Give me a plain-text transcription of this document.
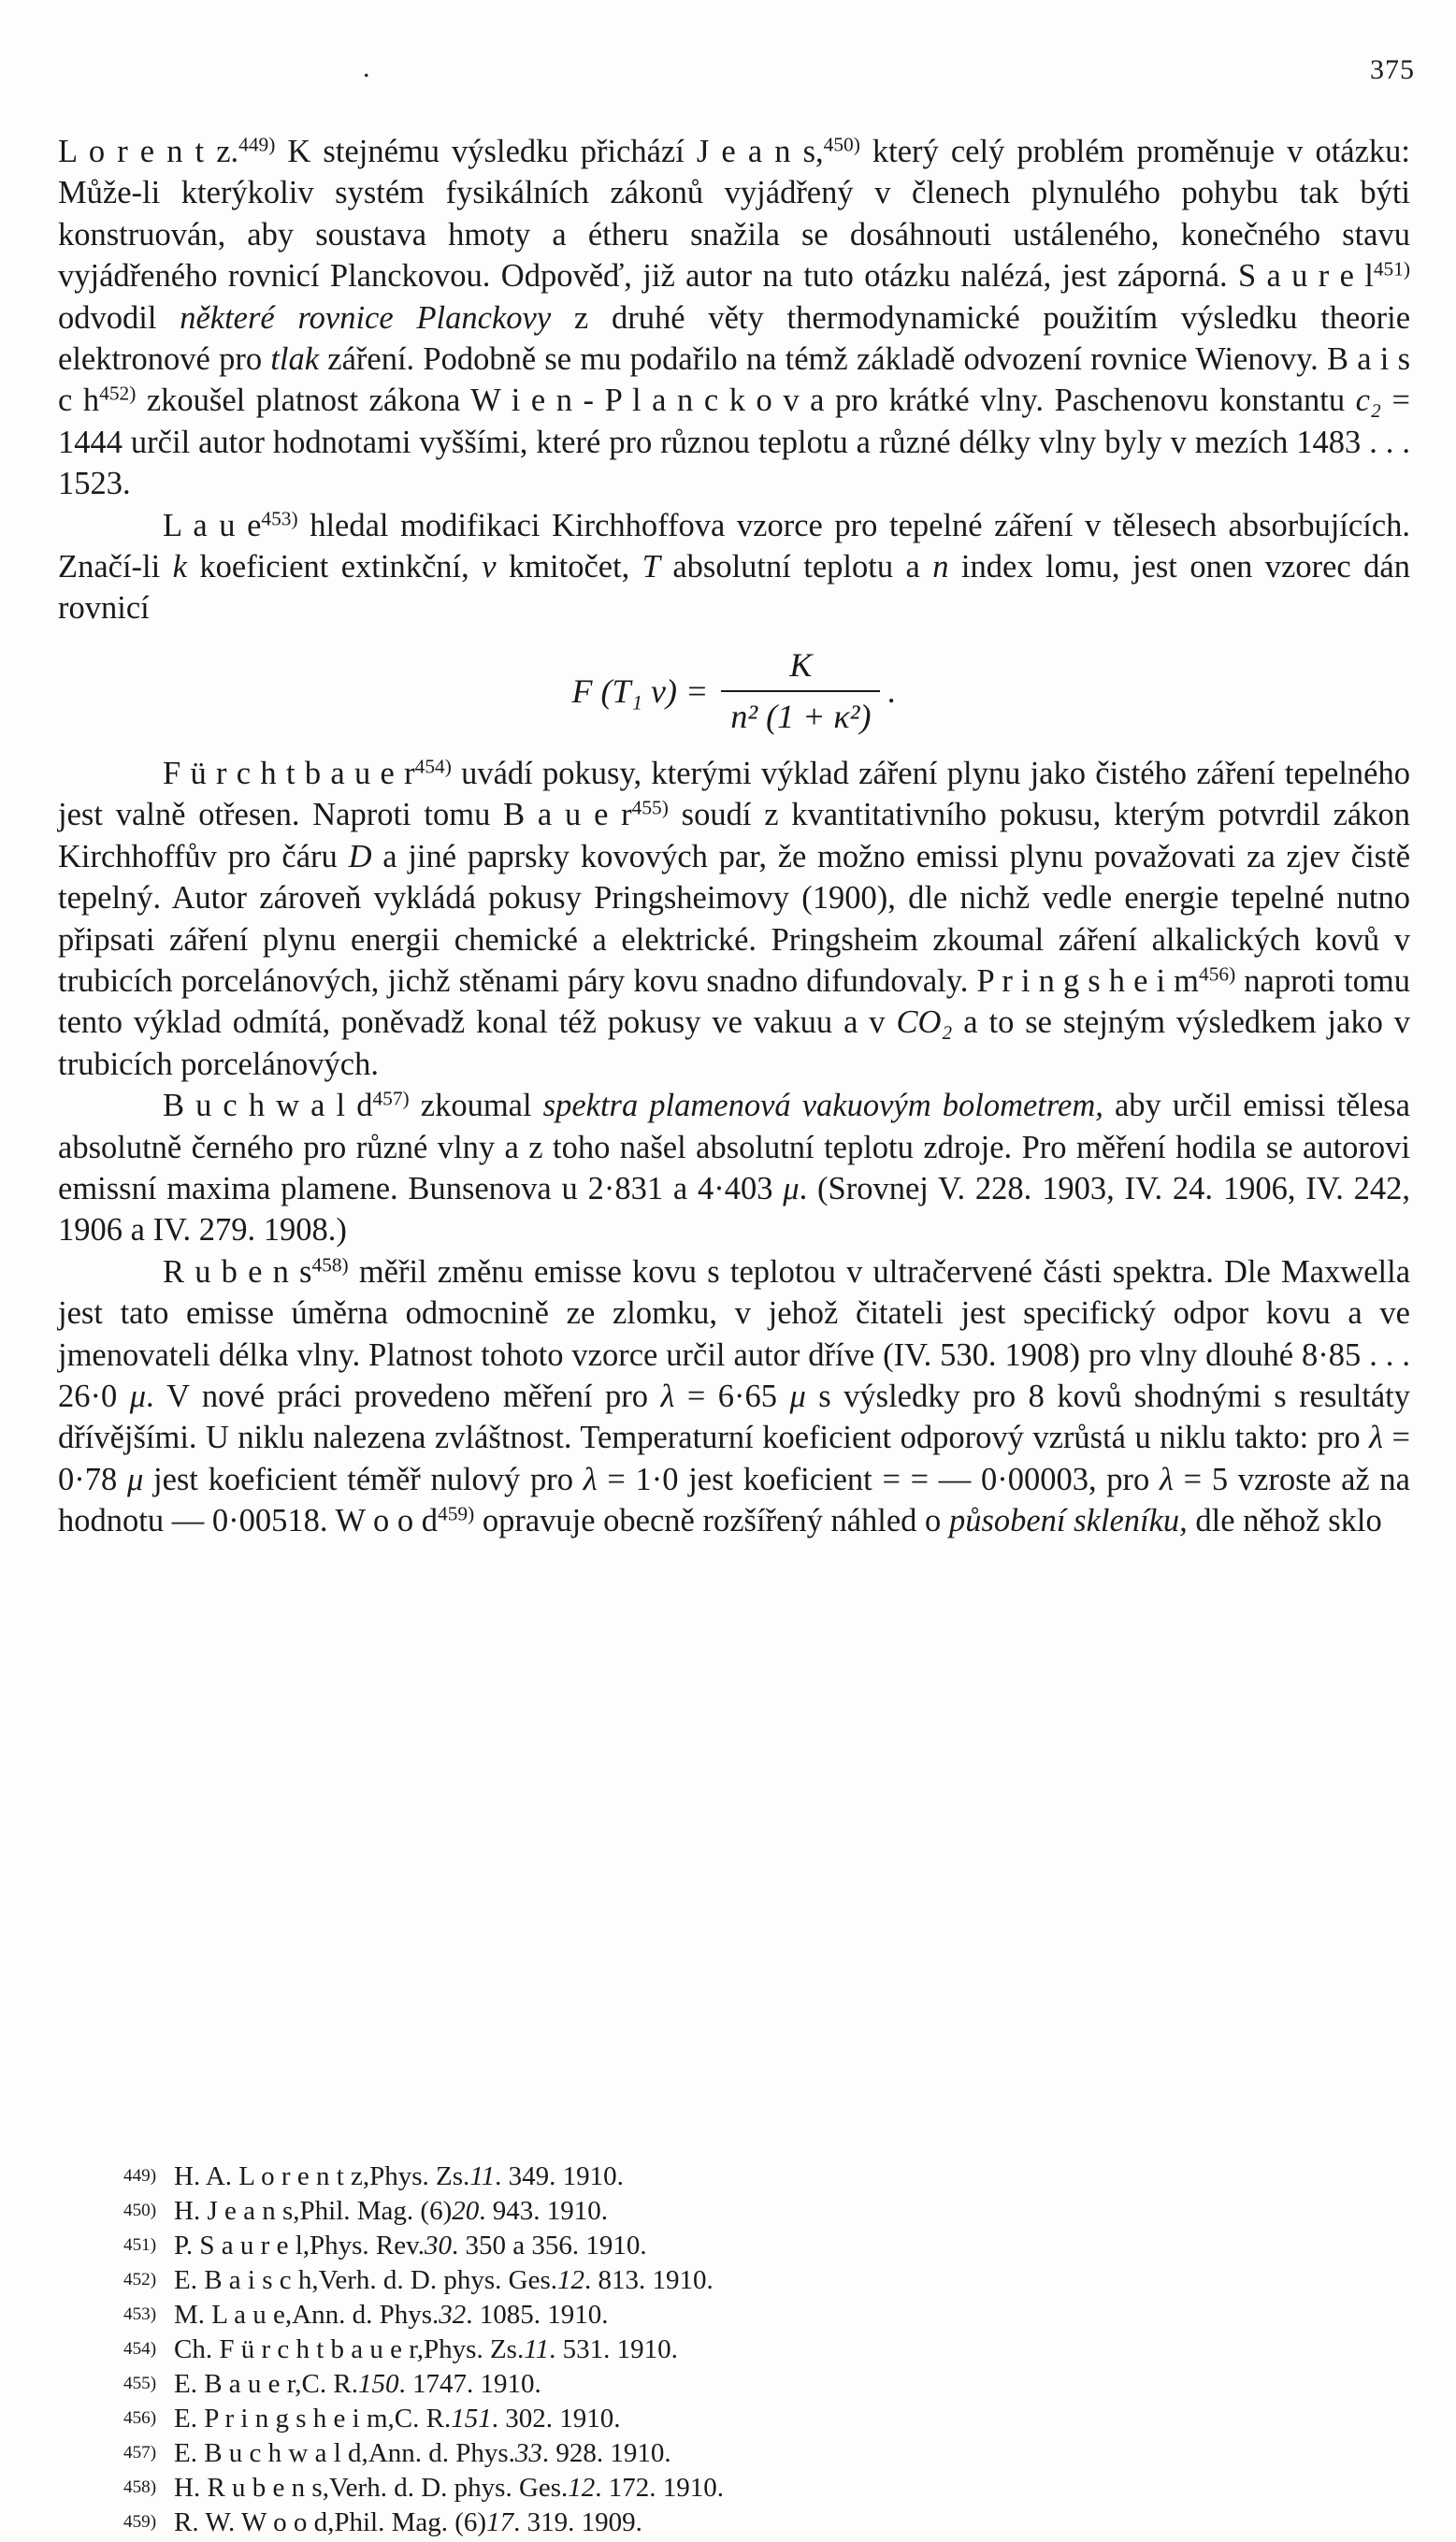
.	375

L o r e n t z.$^{449)}$ K stejnému výsledku přichází J e a n s,$^{450)}$ který celý problém proměnuje v otázku: Může-li kterýkoliv systém fysikálních zákonů vyjádřený v členech plynulého pohybu tak býti konstruován, aby soustava hmoty a étheru snažila se dosáhnouti ustáleného, konečného stavu vyjádřeného rovnicí Planckovou. Odpověď, již autor na tuto otázku nalézá, jest záporná. S a u r e l$^{451)}$ odvodil některé rovnice Planckovy z druhé věty thermodynamické použitím výsledku theorie elektronové pro tlak záření. Podobně se mu podařilo na témž základě odvození rovnice Wienovy. B a i s c h$^{452)}$ zkoušel platnost zákona W i e n - P l a n c k o v a pro krátké vlny. Paschenovu konstantu c₂ = 1444 určil autor hodnotami vyššími, které pro různou teplotu a různé délky vlny byly v mezích 1483 . . . 1523.

L a u e$^{453)}$ hledal modifikaci Kirchhoffova vzorce pro tepelné záření v tělesech absorbujících. Značí-li k koeficient extinkční, ν kmitočet, T absolutní teplotu a n index lomu, jest onen vzorec dán rovnicí

F (T₁ $\nu) = \frac{K}{\text{n² (1 + κ²)}}$ .

F ü r c h t b a u e r$^{454)}$ uvádí pokusy, kterými výklad záření plynu jako čistého záření tepelného jest valně otřesen. Naproti tomu B a u e r$^{455)}$ soudí z kvantitativního pokusu, kterým potvrdil zákon Kirchhoffův pro čáru D a jiné paprsky kovových par, že možno emissi plynu považovati za zjev čistě tepelný. Autor zároveň vykládá pokusy Pringsheimovy (1900), dle nichž vedle energie tepelné nutno připsati záření plynu energii chemické a elektrické. Pringsheim zkoumal záření alkalických kovů v trubicích porcelánových, jichž stěnami páry kovu snadno difundovaly. P r i n g s h e i m$^{456)}$ naproti tomu tento výklad odmítá, poněvadž konal též pokusy ve vakuu a v CO₂ a to se stejným výsledkem jako v trubicích porcelánových.

B u c h w a l d$^{457)}$ zkoumal spektra plamenová vakuovým bolometrem, aby určil emissi tělesa absolutně černého pro různé vlny a z toho našel absolutní teplotu zdroje. Pro měření hodila se autorovi emissní maxima plamene. Bunsenova u 2·831 a 4·403 μ. (Srovnej V. 228. 1903, IV. 24. 1906, IV. 242, 1906 a IV. 279. 1908.)

R u b e n s$^{458)}$ měřil změnu emisse kovu s teplotou v ultračervené části spektra. Dle Maxwella jest tato emisse úměrna odmocnině ze zlomku, v jehož čitateli jest specifický odpor kovu a ve jmenovateli délka vlny. Platnost tohoto vzorce určil autor dříve (IV. 530. 1908) pro vlny dlouhé 8·85 . . . 26·0 μ. V nové práci provedeno měření pro λ = 6·65 μ s výsledky pro 8 kovů shodnými s resultáty dřívějšími. U niklu nalezena zvláštnost. Temperaturní koeficient odporový vzrůstá u niklu takto: pro λ = 0·78 μ jest koeficient téměř nulový pro λ = 1·0 jest koeficient = = — 0·00003, pro λ = 5 vzroste až na hodnotu — 0·00518. W o o d$^{459)}$ opravuje obecně rozšířený náhled o působení skleníku, dle něhož sklo

$^{449)}$ H. A. L o r e n t z, Phys. Zs. 11 . 349. 1910.
$^{450)}$ H. J e a n s, Phil. Mag. (6) 20 . 943. 1910.
$^{451)}$ P. S a u r e l, Phys. Rev. 30 . 350 a 356. 1910.
$^{452)}$ E. B a i s c h, Verh. d. D. phys. Ges. 12 . 813. 1910.
$^{453)}$ M. L a u e, Ann. d. Phys. 32 . 1085. 1910.
$^{454)}$ Ch. F ü r c h t b a u e r, Phys. Zs. 11 . 531. 1910.
$^{455)}$ E. B a u e r, C. R. 150 . 1747. 1910.
$^{456)}$ E. P r i n g s h e i m, C. R. 151 . 302. 1910.
$^{457)}$ E. B u c h w a l d, Ann. d. Phys. 33 . 928. 1910.
$^{458)}$ H. R u b e n s, Verh. d. D. phys. Ges. 12 . 172. 1910.
$^{459)}$ R. W. W o o d, Phil. Mag. (6) 17 . 319. 1909.
